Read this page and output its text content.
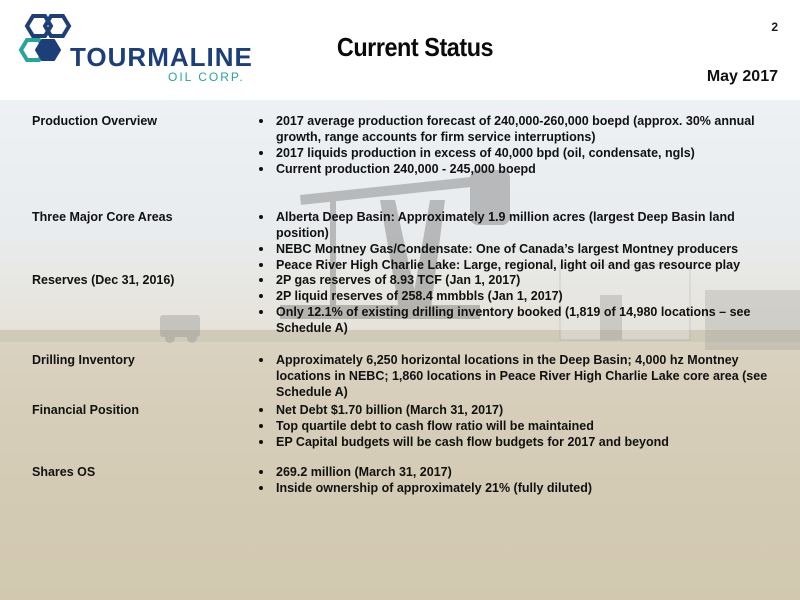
TOURMALINE
OIL CORP.
2
Current Status
May 2017
Production Overview	2017 average production forecast of 240,000-260,000 boepd (approx. 30% annual growth, range accounts for firm service interruptions)
2017 liquids production in excess of 40,000 bpd (oil, condensate, ngls)
Current production 240,000 - 245,000 boepd
Three Major Core Areas	Alberta Deep Basin: Approximately 1.9 million acres (largest Deep Basin land position)
NEBC Montney Gas/Condensate: One of Canada’s largest Montney producers
Peace River High Charlie Lake: Large, regional, light oil and gas resource play
Reserves (Dec 31, 2016)	2P gas reserves of 8.93 TCF (Jan 1, 2017)
2P liquid reserves of 258.4 mmbbls (Jan 1, 2017)
Only 12.1% of existing drilling inventory booked (1,819 of 14,980 locations – see Schedule A)
Drilling Inventory	Approximately 6,250 horizontal locations in the Deep Basin; 4,000 hz Montney locations in NEBC; 1,860 locations in Peace River High Charlie Lake core area (see Schedule A)
Financial Position	Net Debt $1.70 billion (March 31, 2017)
Top quartile debt to cash flow ratio will be maintained
EP Capital budgets will be cash flow budgets for 2017 and beyond
Shares OS	269.2 million (March 31, 2017)
Inside ownership of approximately 21% (fully diluted)
